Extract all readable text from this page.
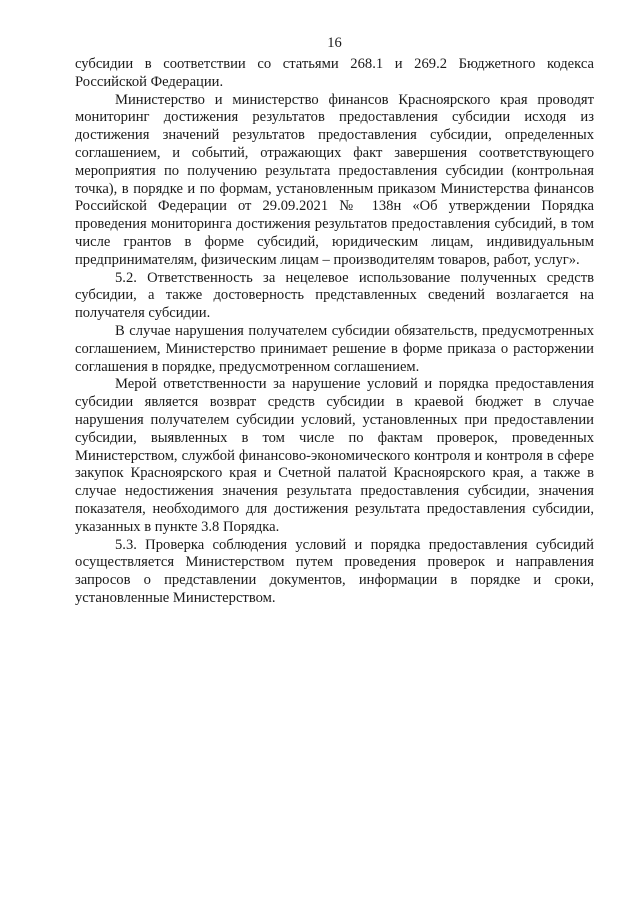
16

субсидии в соответствии со статьями 268.1 и 269.2 Бюджетного кодекса Российской Федерации.

Министерство и министерство финансов Красноярского края проводят мониторинг достижения результатов предоставления субсидии исходя из достижения значений результатов предоставления субсидии, определенных соглашением, и событий, отражающих факт завершения соответствующего мероприятия по получению результата предоставления субсидии (контрольная точка), в порядке и по формам, установленным приказом Министерства финансов Российской Федерации от 29.09.2021 № 138н «Об утверждении Порядка проведения мониторинга достижения результатов предоставления субсидий, в том числе грантов в форме субсидий, юридическим лицам, индивидуальным предпринимателям, физическим лицам – производителям товаров, работ, услуг».

5.2. Ответственность за нецелевое использование полученных средств субсидии, а также достоверность представленных сведений возлагается на получателя субсидии.

В случае нарушения получателем субсидии обязательств, предусмотренных соглашением, Министерство принимает решение в форме приказа о расторжении соглашения в порядке, предусмотренном соглашением.

Мерой ответственности за нарушение условий и порядка предоставления субсидии является возврат средств субсидии в краевой бюджет в случае нарушения получателем субсидии условий, установленных при предоставлении субсидии, выявленных в том числе по фактам проверок, проведенных Министерством, службой финансово-экономического контроля и контроля в сфере закупок Красноярского края и Счетной палатой Красноярского края, а также в случае недостижения значения результата предоставления субсидии, значения показателя, необходимого для достижения результата предоставления субсидии, указанных в пункте 3.8 Порядка.

5.3. Проверка соблюдения условий и порядка предоставления субсидий осуществляется Министерством путем проведения проверок и направления запросов о представлении документов, информации в порядке и сроки, установленные Министерством.
